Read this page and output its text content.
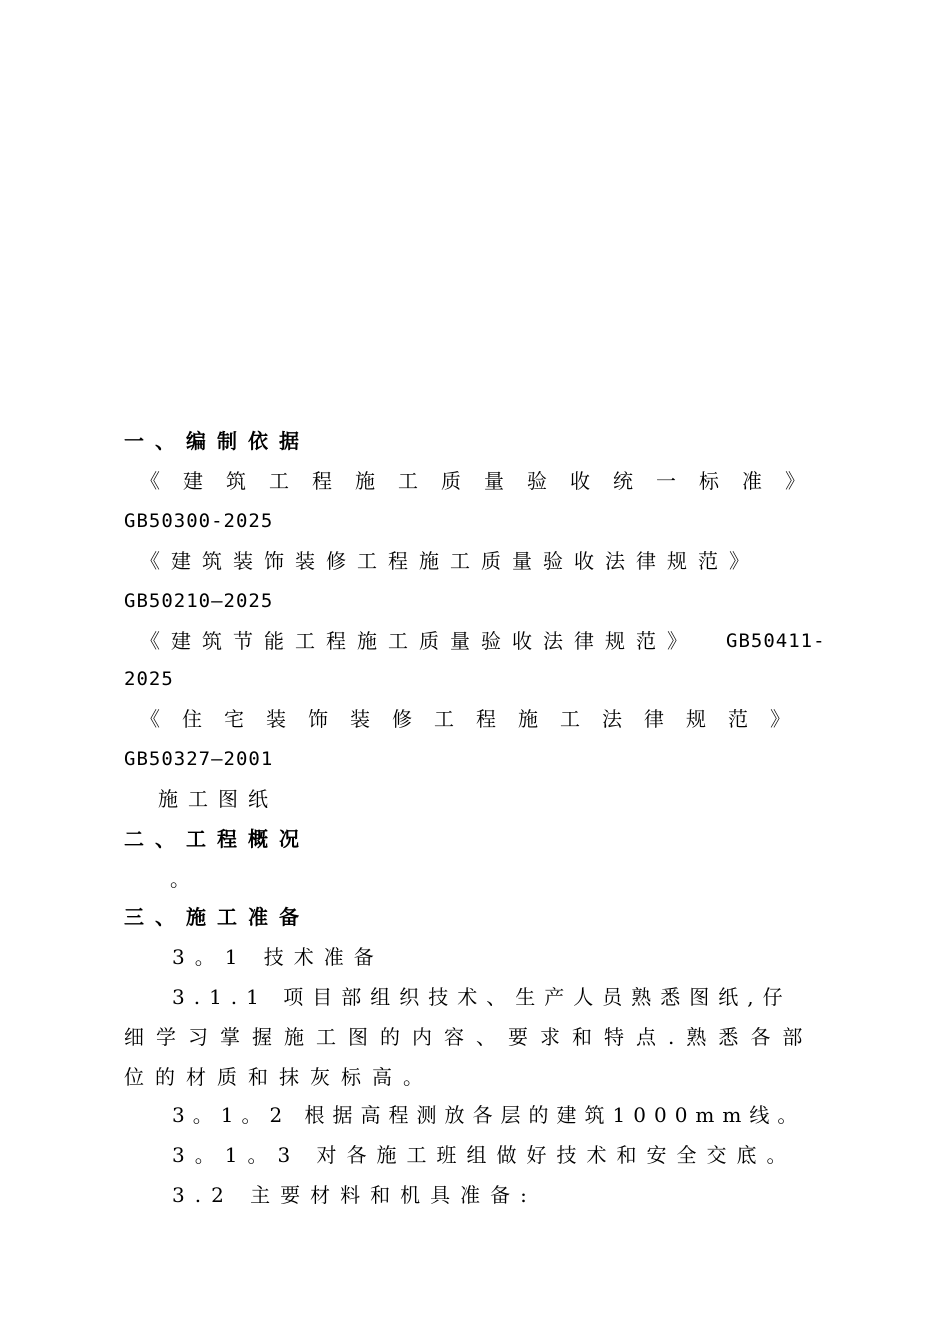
一、编制依据
《建筑工程施工质量验收统一标准》
GB50300-2025
《建筑装饰装修工程施工质量验收法律规范》
GB50210—2025
《建筑节能工程施工质量验收法律规范》 GB50411-
2025
《住宅装饰装修工程施工法律规范》
GB50327—2001
施工图纸
二、工程概况
。
三、施工准备
3。1 技术准备
3.1.1 项目部组织技术、生产人员熟悉图纸,仔
细学习掌握施工图的内容、要求和特点.熟悉各部
位的材质和抹灰标高。
3。1。2 根据高程测放各层的建筑1000mm线。
3。1。3 对各施工班组做好技术和安全交底。
3.2 主要材料和机具准备:
